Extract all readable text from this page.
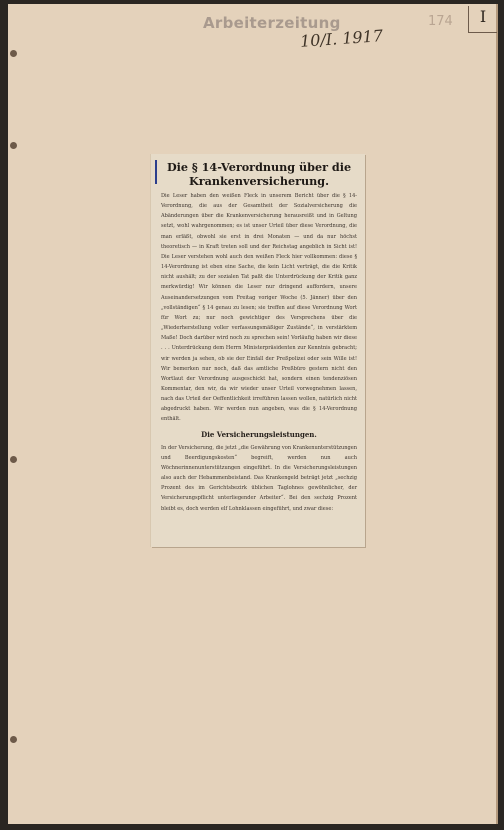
Arbeiterzeitung
10/I. 1917
174	I
Die § 14-Verordnung über die
Krankenversicherung.

Die Leser haben den weißen Fleck in unserem Bericht über die § 14-Verordnung, die aus der Gesamtheit der Sozialversicherung die Abänderungen über die Krankenversicherung herausreißt und in Geltung setzt, wohl wahrgenommen; es ist unser Urteil über diese Verordnung, die man erläßt, obwohl sie erst in drei Monaten — und da nur höchst theoretisch — in Kraft treten soll und der Reichstag angeblich in Sicht ist! Die Leser verstehen wohl auch den weißen Fleck hier vollkommen: diese § 14-Verordnung ist eben eine Sache, die kein Licht verträgt, die die Kritik nicht aushält; zu der sozialen Tat paßt die Unterdrückung der Kritik ganz merkwürdig! Wir können die Leser nur dringend auffordern, unsere Auseinandersetzungen vom Freitag voriger Woche (5. Jänner) über den „vollständigen“ § 14 genau zu lesen; sie treffen auf diese Verordnung Wort für Wort zu; nur noch gewichtiger des Versprechens über die „Wiederherstellung voller verfassungsmäßiger Zustände“, in verstärktem Maße! Doch darüber wird noch zu sprechen sein! Vorläufig haben wir diese . . . Unterdrückung dem Herrn Ministerpräsidenten zur Kenntnis gebracht; wir werden ja sehen, ob sie der Einfall der Preßpolizei oder sein Wille ist! Wir bemerken nur noch, daß das amtliche Preßbüro gestern nicht den Wortlaut der Verordnung ausgeschickt hat, sondern einen tendenziösen Kommentar, den wir, da wir wieder unser Urteil vorwegnehmen lassen, nach das Urteil der Oeffentlichkeit irreführen lassen wollen, natürlich nicht abgedruckt haben. Wir werden nun angeben, was die § 14-Verordnung enthält.

Die Versicherungsleistungen.

In der Versicherung, die jetzt „die Gewährung von Krankenunterstützungen und Beerdigungskosten“ begreift, werden nun auch Wöchnerinnenunterstützungen eingeführt. In die Versicherungsleistungen also auch der Hebammenbeistand. Das Krankengeld beträgt jetzt „sechzig Prozent des im Gerichtsbezirk üblichen Taglohnes gewöhnlicher, der Versicherungspflicht unterliegender Arbeiter“. Bei den sechzig Prozent bleibt es, doch werden elf Lohnklassen eingeführt, und zwar diese:
